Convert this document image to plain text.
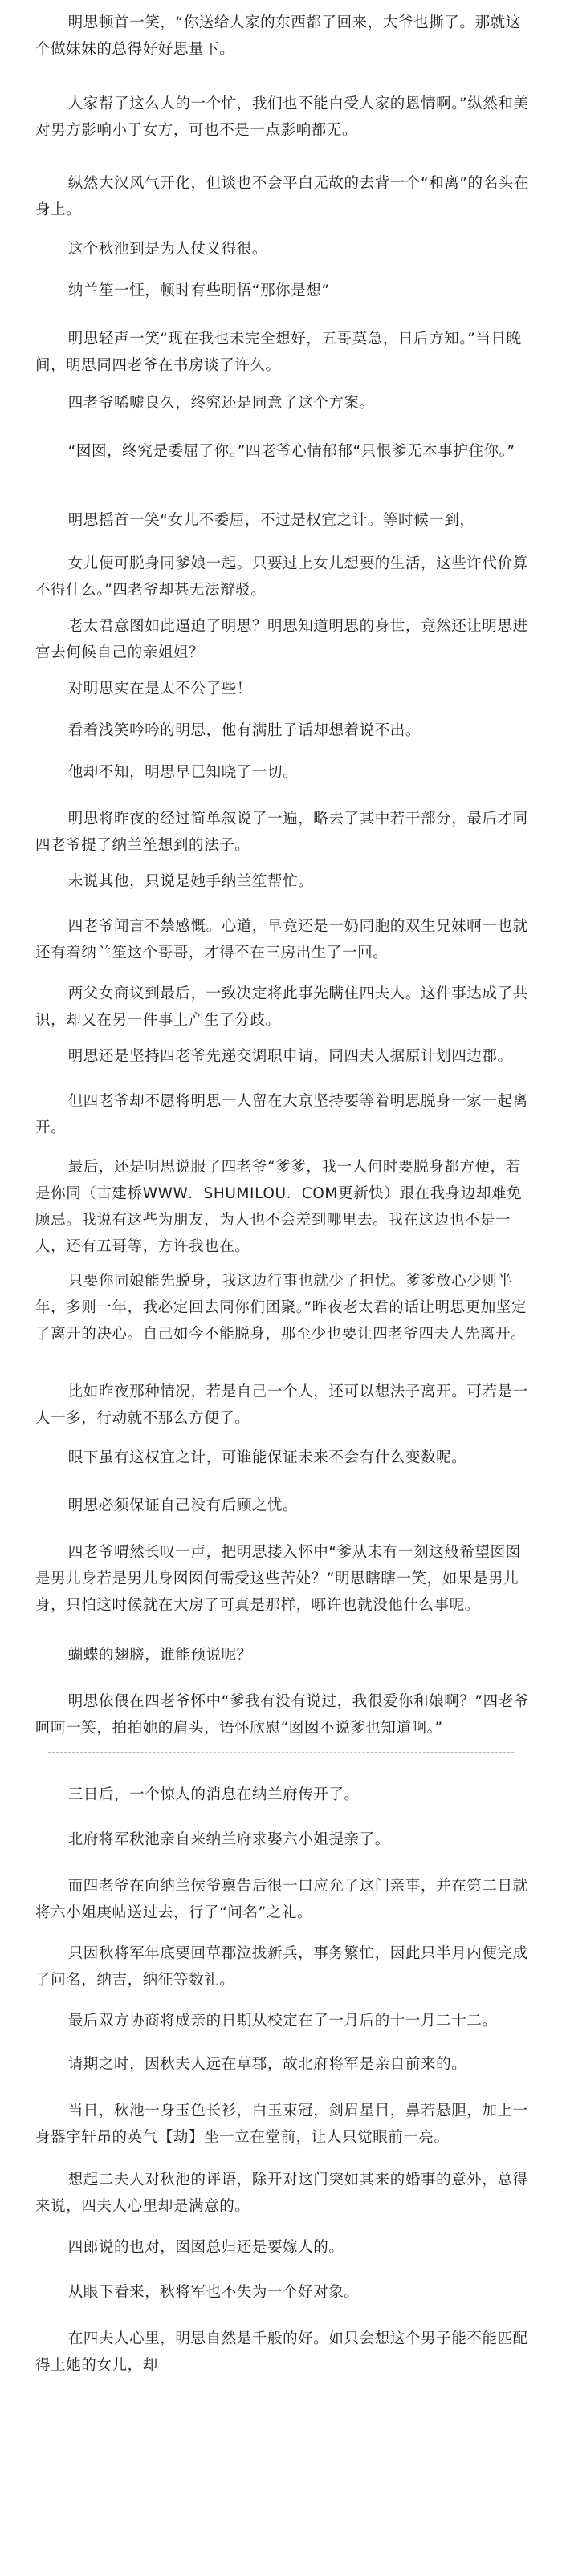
明思顿首一笑，“你送给人家的东西都了回来，大爷也撕了。那就这个做妹妹的总得好好思量下。

人家帮了这么大的一个忙，我们也不能白受人家的恩情啊。”纵然和美对男方影响小于女方，可也不是一点影响都无。

纵然大汉风气开化，但谈也不会平白无故的去背一个“和离”的名头在身上。

这个秋池到是为人仗义得很。

纳兰笙一怔，顿时有些明悟“那你是想”

明思轻声一笑“现在我也未完全想好，五哥莫急，日后方知。”当日晚间，明思同四老爷在书房谈了许久。

四老爷唏嘘良久，终究还是同意了这个方案。

“囡囡，终究是委屈了你。”四老爷心情郁郁“只恨爹无本事护住你。”

明思摇首一笑“女儿不委屈，不过是权宜之计。等时候一到，

女儿便可脱身同爹娘一起。只要过上女儿想要的生活，这些许代价算不得什么。”四老爷却甚无法辩驳。

老太君意图如此逼迫了明思？明思知道明思的身世，竟然还让明思进宫去何候自己的亲姐姐？

对明思实在是太不公了些！

看着浅笑吟吟的明思，他有满肚子话却想着说不出。

他却不知，明思早已知晓了一切。

明思将昨夜的经过简单叙说了一遍，略去了其中若干部分，最后才同四老爷提了纳兰笙想到的法子。

未说其他，只说是她手纳兰笙帮忙。

四老爷闻言不禁感慨。心道，早竟还是一奶同胞的双生兄妹啊一也就还有着纳兰笙这个哥哥，才得不在三房出生了一回。

两父女商议到最后，一致决定将此事先瞒住四夫人。这件事达成了共识，却又在另一件事上产生了分歧。

明思还是坚持四老爷先递交调职申请，同四夫人据原计划四边郡。

但四老爷却不愿将明思一人留在大京坚持要等着明思脱身一家一起离开。

最后，还是明思说服了四老爷“爹爹，我一人何时要脱身都方便，若是你同（古建桥WWW．SHUMILOU．COM更新快）跟在我身边却难免顾忌。我说有这些为朋友，为人也不会差到哪里去。我在这边也不是一人，还有五哥等，方许我也在。

只要你同娘能先脱身，我这边行事也就少了担忧。爹爹放心少则半年，多则一年，我必定回去同你们团聚。”昨夜老太君的话让明思更加坚定了离开的决心。自己如今不能脱身，那至少也要让四老爷四夫人先离开。

比如昨夜那种情况，若是自己一个人，还可以想法子离开。可若是一人一多，行动就不那么方便了。

眼下虽有这权宜之计，可谁能保证未来不会有什么变数呢。

明思必须保证自己没有后顾之忧。

四老爷喟然长叹一声，把明思搂入怀中“爹从未有一刻这般希望囡囡是男儿身若是男儿身囡囡何需受这些苦处？”明思瞎瞎一笑，如果是男儿身，只怕这时候就在大房了可真是那样，哪许也就没他什么事呢。

蝴蝶的翅膀，谁能预说呢？

明思依偎在四老爷怀中“爹我有没有说过，我很爱你和娘啊？”四老爷呵呵一笑，拍拍她的肩头，语怀欣慰“囡囡不说爹也知道啊。”

三日后，一个惊人的消息在纳兰府传开了。

北府将军秋池亲自来纳兰府求娶六小姐提亲了。

而四老爷在向纳兰侯爷禀告后很一口应允了这门亲事，并在第二日就将六小姐庚帖送过去，行了“问名”之礼。

只因秋将军年底要回草郡泣拔新兵，事务繁忙，因此只半月内便完成了问名，纳吉，纳征等数礼。

最后双方协商将成亲的日期从校定在了一月后的十一月二十二。

请期之时，因秋夫人远在草郡，故北府将军是亲自前来的。

当日，秋池一身玉色长衫，白玉束冠，剑眉星目，鼻若悬胆，加上一身器宇轩昂的英气【劫】坐一立在堂前，让人只觉眼前一亮。

想起二夫人对秋池的评语，除开对这门突如其来的婚事的意外，总得来说，四夫人心里却是满意的。

四郎说的也对，囡囡总归还是要嫁人的。

从眼下看来，秋将军也不失为一个好对象。

在四夫人心里，明思自然是千般的好。如只会想这个男子能不能匹配得上她的女儿，却
